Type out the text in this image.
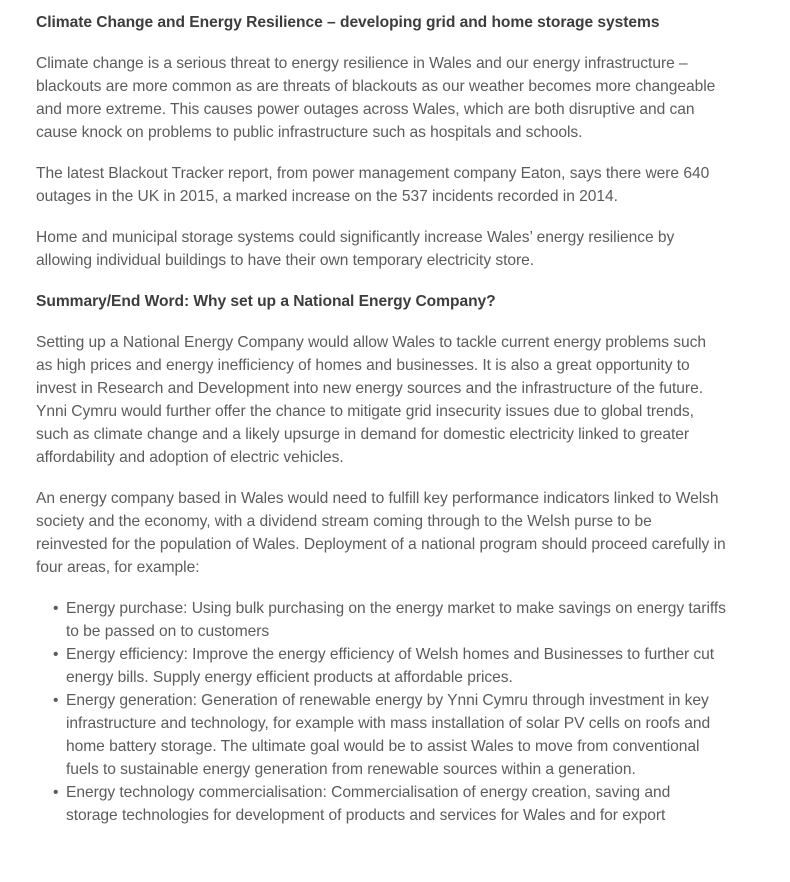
Climate Change and Energy Resilience – developing grid and home storage systems

Climate change is a serious threat to energy resilience in Wales and our energy infrastructure – blackouts are more common as are threats of blackouts as our weather becomes more changeable and more extreme. This causes power outages across Wales, which are both disruptive and can cause knock on problems to public infrastructure such as hospitals and schools.

The latest Blackout Tracker report, from power management company Eaton, says there were 640 outages in the UK in 2015, a marked increase on the 537 incidents recorded in 2014.

Home and municipal storage systems could significantly increase Wales’ energy resilience by allowing individual buildings to have their own temporary electricity store.

Summary/End Word: Why set up a National Energy Company?

Setting up a National Energy Company would allow Wales to tackle current energy problems such as high prices and energy inefficiency of homes and businesses. It is also a great opportunity to invest in Research and Development into new energy sources and the infrastructure of the future. Ynni Cymru would further offer the chance to mitigate grid insecurity issues due to global trends, such as climate change and a likely upsurge in demand for domestic electricity linked to greater affordability and adoption of electric vehicles.

An energy company based in Wales would need to fulfill key performance indicators linked to Welsh society and the economy, with a dividend stream coming through to the Welsh purse to be reinvested for the population of Wales. Deployment of a national program should proceed carefully in four areas, for example:

• Energy purchase: Using bulk purchasing on the energy market to make savings on energy tariffs to be passed on to customers
• Energy efficiency: Improve the energy efficiency of Welsh homes and Businesses to further cut energy bills. Supply energy efficient products at affordable prices.
• Energy generation: Generation of renewable energy by Ynni Cymru through investment in key infrastructure and technology, for example with mass installation of solar PV cells on roofs and home battery storage. The ultimate goal would be to assist Wales to move from conventional fuels to sustainable energy generation from renewable sources within a generation.
• Energy technology commercialisation: Commercialisation of energy creation, saving and storage technologies for development of products and services for Wales and for export
